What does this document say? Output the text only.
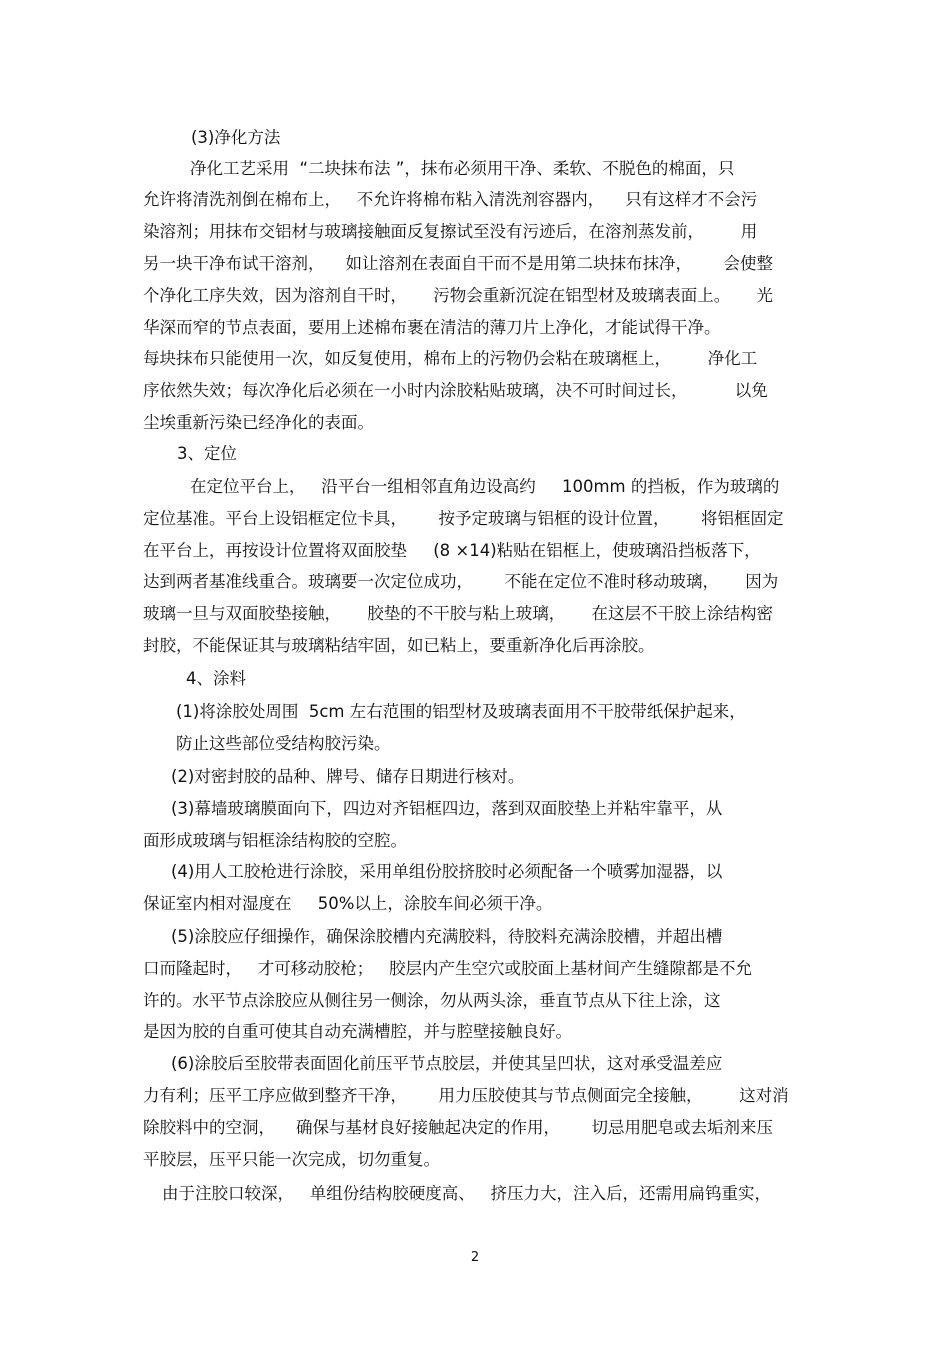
(3)净化方法
净化工艺采用  “二块抹布法 ”，抹布必须用干净、柔软、不脱色的棉面，只
允许将清洗剂倒在棉布上，   不允许将棉布粘入清洗剂容器内，    只有这样才不会污
染溶剂；用抹布交铝材与玻璃接触面反复擦试至没有污迹后，在溶剂蒸发前，       用
另一块干净布试干溶剂，    如让溶剂在表面自干而不是用第二块抹布抹净，      会使整
个净化工序失效，因为溶剂自干时，     污物会重新沉淀在铝型材及玻璃表面上。     光
华深而窄的节点表面，要用上述棉布裹在清洁的薄刀片上净化，才能试得干净。
每块抹布只能使用一次，如反复使用，棉布上的污物仍会粘在玻璃框上，       净化工
序依然失效；每次净化后必须在一小时内涂胶粘贴玻璃，决不可时间过长，         以免
尘埃重新污染已经净化的表面。
3、定位
在定位平台上，   沿平台一组相邻直角边设高约     100mm 的挡板，作为玻璃的
定位基准。平台上设铝框定位卡具，      按予定玻璃与铝框的设计位置，      将铝框固定
在平台上，再按设计位置将双面胶垫     (8 ×14)粘贴在铝框上，使玻璃沿挡板落下，
达到两者基准线重合。玻璃要一次定位成功，      不能在定位不准时移动玻璃，     因为
玻璃一旦与双面胶垫接触，     胶垫的不干胶与粘上玻璃，     在这层不干胶上涂结构密
封胶，不能保证其与玻璃粘结牢固，如已粘上，要重新净化后再涂胶。
4、涂料
(1)将涂胶处周围  5cm 左右范围的铝型材及玻璃表面用不干胶带纸保护起来，
防止这些部位受结构胶污染。
(2)对密封胶的品种、牌号、储存日期进行核对。
(3)幕墙玻璃膜面向下，四边对齐铝框四边，落到双面胶垫上并粘牢靠平，从
面形成玻璃与铝框涂结构胶的空腔。
(4)用人工胶枪进行涂胶，采用单组份胶挤胶时必须配备一个喷雾加湿器，以
保证室内相对湿度在     50%以上，涂胶车间必须干净。
(5)涂胶应仔细操作，确保涂胶槽内充满胶料，待胶料充满涂胶槽，并超出槽
口而隆起时，   才可移动胶枪；   胶层内产生空穴或胶面上基材间产生缝隙都是不允
许的。水平节点涂胶应从侧往另一侧涂，勿从两头涂，垂直节点从下往上涂，这
是因为胶的自重可使其自动充满槽腔，并与腔壁接触良好。
(6)涂胶后至胶带表面固化前压平节点胶层，并使其呈凹状，这对承受温差应
力有利；压平工序应做到整齐干净，      用力压胶使其与节点侧面完全接触，       这对消
除胶料中的空洞，    确保与基材良好接触起决定的作用，      切忌用肥皂或去垢剂来压
平胶层，压平只能一次完成，切勿重复。
由于注胶口较深，   单组份结构胶硬度高、   挤压力大，注入后，还需用扁钨重实，
2
